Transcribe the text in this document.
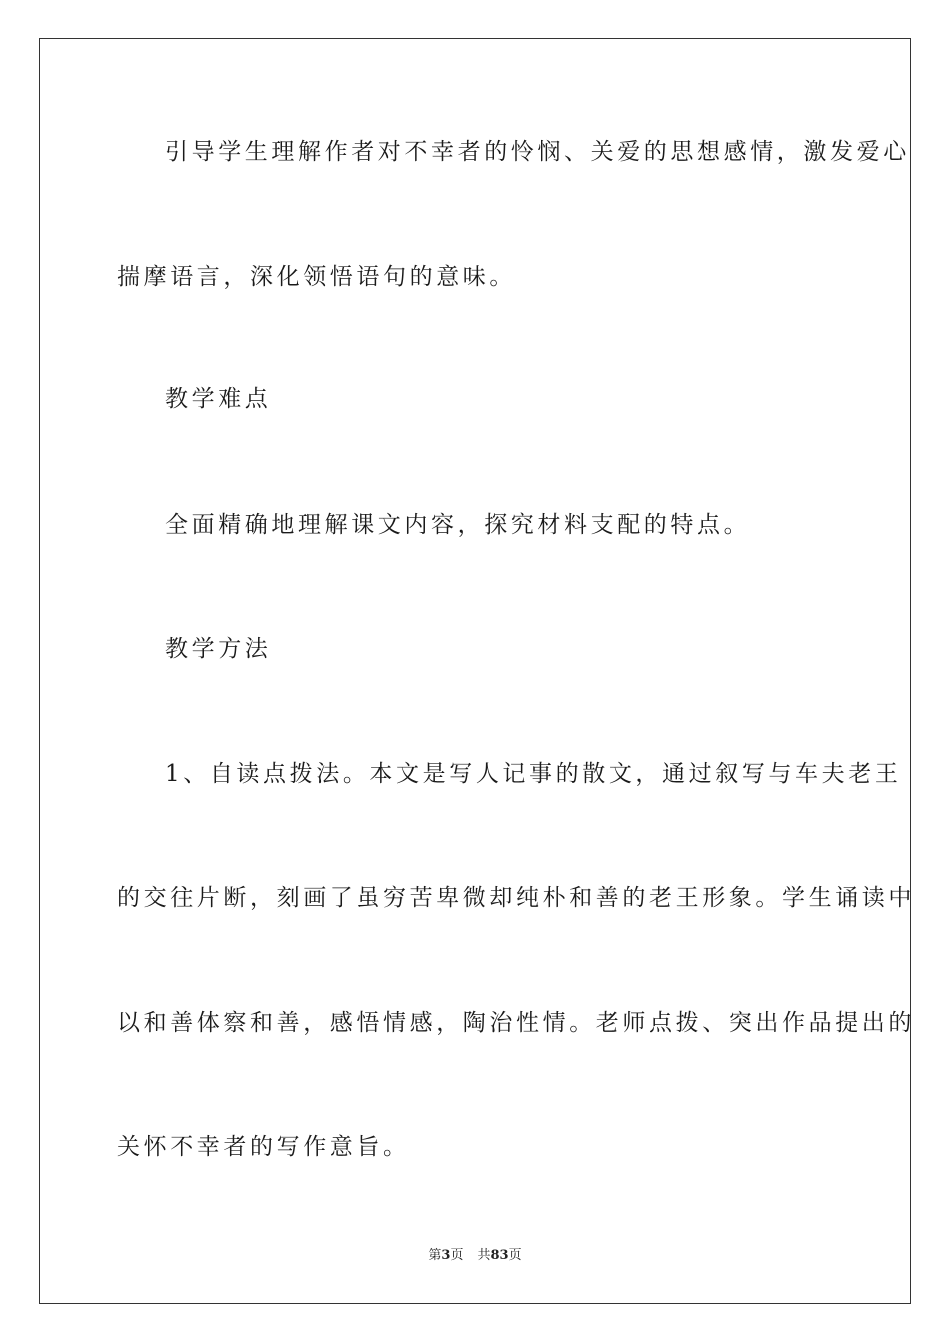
引导学生理解作者对不幸者的怜悯、关爱的思想感情，激发爱心
揣摩语言，深化领悟语句的意味。
教学难点
全面精确地理解课文内容，探究材料支配的特点。
教学方法
1、自读点拨法。本文是写人记事的散文，通过叙写与车夫老王
的交往片断，刻画了虽穷苦卑微却纯朴和善的老王形象。学生诵读中
以和善体察和善，感悟情感，陶治性情。老师点拨、突出作品提出的
关怀不幸者的写作意旨。
第3页 共83页
